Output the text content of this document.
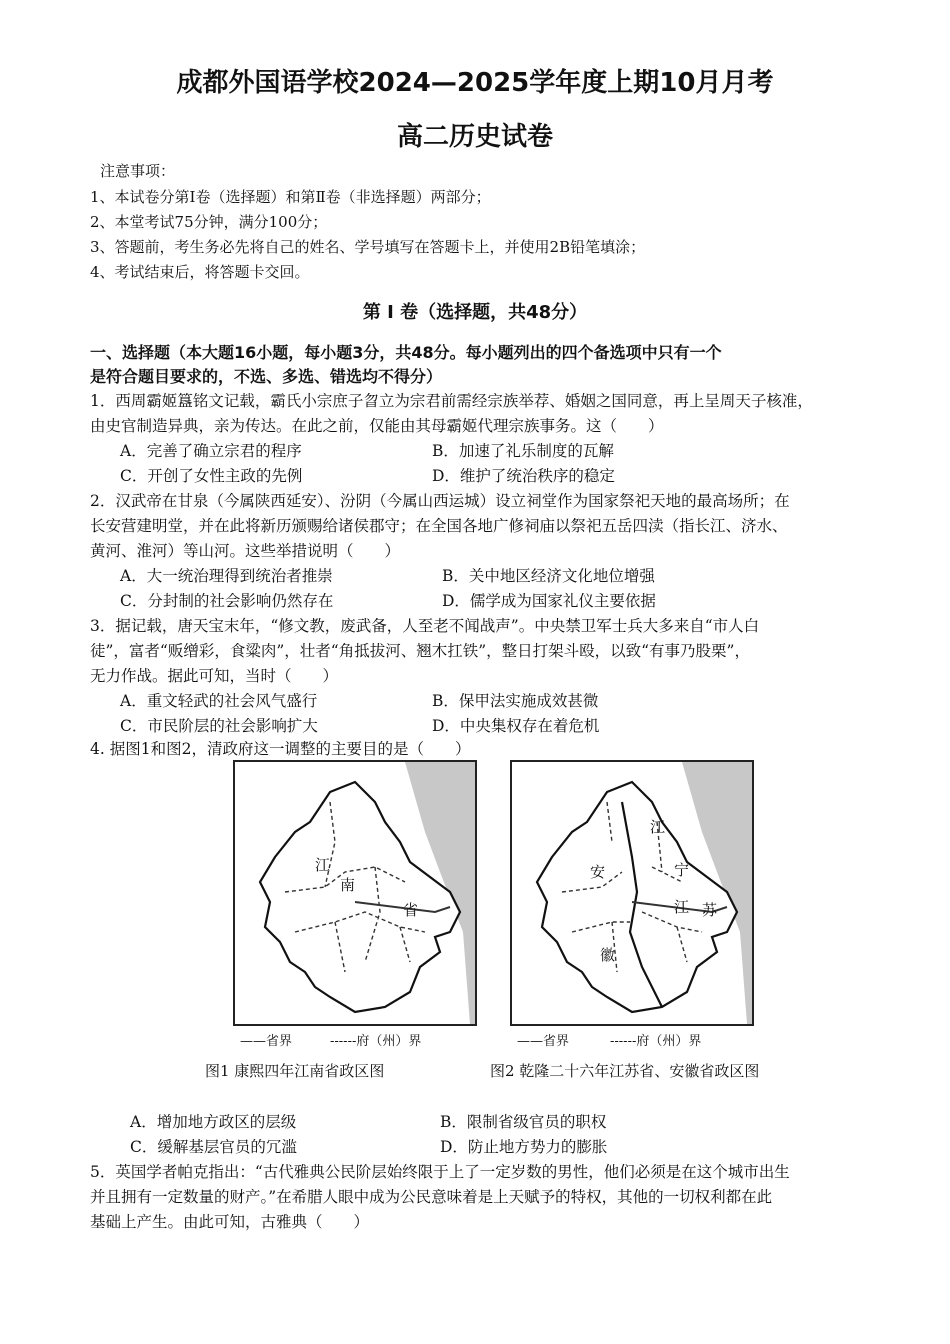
成都外国语学校2024—2025学年度上期10月月考
高二历史试卷
注意事项：
1、本试卷分第Ⅰ卷（选择题）和第Ⅱ卷（非选择题）两部分；
2、本堂考试75分钟，满分100分；
3、答题前，考生务必先将自己的姓名、学号填写在答题卡上，并使用2B铅笔填涂；
4、考试结束后，将答题卡交回。
第 Ⅰ 卷（选择题，共48分）
一、选择题（本大题16小题，每小题3分，共48分。每小题列出的四个备选项中只有一个
是符合题目要求的，不选、多选、错选均不得分）
1．西周霸姬簋铭文记载，霸氏小宗庶子曶立为宗君前需经宗族举荐、婚姻之国同意，再上呈周天子核准，
由史官制造异典，亲为传达。在此之前，仅能由其母霸姬代理宗族事务。这（　　）
A．完善了确立宗君的程序	B．加速了礼乐制度的瓦解
C．开创了女性主政的先例	D．维护了统治秩序的稳定
2．汉武帝在甘泉（今属陕西延安）、汾阴（今属山西运城）设立祠堂作为国家祭祀天地的最高场所；在
长安营建明堂，并在此将新历颁赐给诸侯郡守；在全国各地广修祠庙以祭祀五岳四渎（指长江、济水、
黄河、淮河）等山河。这些举措说明（　　）
A．大一统治理得到统治者推崇	B．关中地区经济文化地位增强
C．分封制的社会影响仍然存在	D．儒学成为国家礼仪主要依据
3．据记载，唐天宝末年，“修文教，废武备，人至老不闻战声”。中央禁卫军士兵大多来自“市人白
徒”，富者“贩缯彩，食粱肉”，壮者“角抵拔河、翘木扛铁”，整日打架斗殴，以致“有事乃股栗”，
无力作战。据此可知，当时（　　）
A．重文轻武的社会风气盛行	B．保甲法实施成效甚微
C．市民阶层的社会影响扩大	D．中央集权存在着危机
4. 据图1和图2，清政府这一调整的主要目的是（　　）
江
南
省
江
安	宁
江 苏
徽
——省界	------府（州）界	——省界	------府（州）界
图1 康熙四年江南省政区图	图2 乾隆二十六年江苏省、安徽省政区图
A．增加地方政区的层级	B．限制省级官员的职权
C．缓解基层官员的冗滥	D．防止地方势力的膨胀
5．英国学者帕克指出：“古代雅典公民阶层始终限于上了一定岁数的男性，他们必须是在这个城市出生
并且拥有一定数量的财产。”在希腊人眼中成为公民意味着是上天赋予的特权，其他的一切权利都在此
基础上产生。由此可知，古雅典（　　）
